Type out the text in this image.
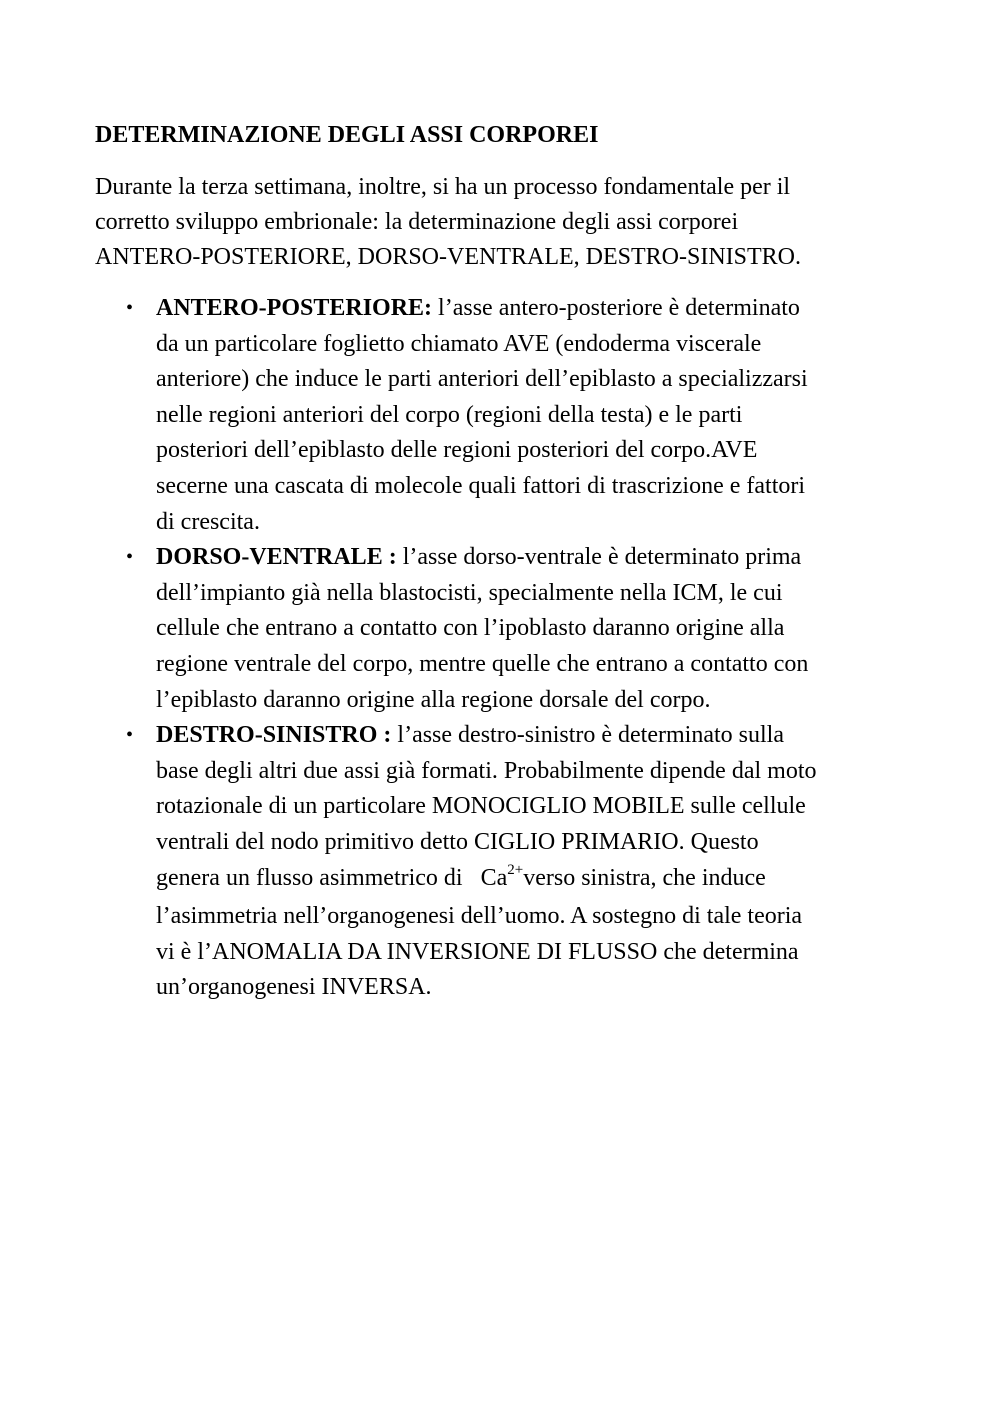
DETERMINAZIONE DEGLI ASSI CORPOREI
Durante la terza settimana, inoltre, si ha un processo fondamentale per il
corretto sviluppo embrionale: la determinazione degli assi corporei
ANTERO-POSTERIORE, DORSO-VENTRALE, DESTRO-SINISTRO.
• ANTERO-POSTERIORE: l’asse antero-posteriore è determinato
da un particolare foglietto chiamato AVE (endoderma viscerale
anteriore) che induce le parti anteriori dell’epiblasto a specializzarsi
nelle regioni anteriori del corpo (regioni della testa) e le parti
posteriori dell’epiblasto delle regioni posteriori del corpo.AVE
secerne una cascata di molecole quali fattori di trascrizione e fattori
di crescita.
• DORSO-VENTRALE : l’asse dorso-ventrale è determinato prima
dell’impianto già nella blastocisti, specialmente nella ICM, le cui
cellule che entrano a contatto con l’ipoblasto daranno origine alla
regione ventrale del corpo, mentre quelle che entrano a contatto con
l’epiblasto daranno origine alla regione dorsale del corpo.
• DESTRO-SINISTRO : l’asse destro-sinistro è determinato sulla
base degli altri due assi già formati. Probabilmente dipende dal moto
rotazionale di un particolare MONOCIGLIO MOBILE sulle cellule
ventrali del nodo primitivo detto CIGLIO PRIMARIO. Questo
genera un flusso asimmetrico di   $Ca^{2+}verso$ sinistra, che induce
l’asimmetria nell’organogenesi dell’uomo. A sostegno di tale teoria
vi è l’ANOMALIA DA INVERSIONE DI FLUSSO che determina
un’organogenesi INVERSA.
